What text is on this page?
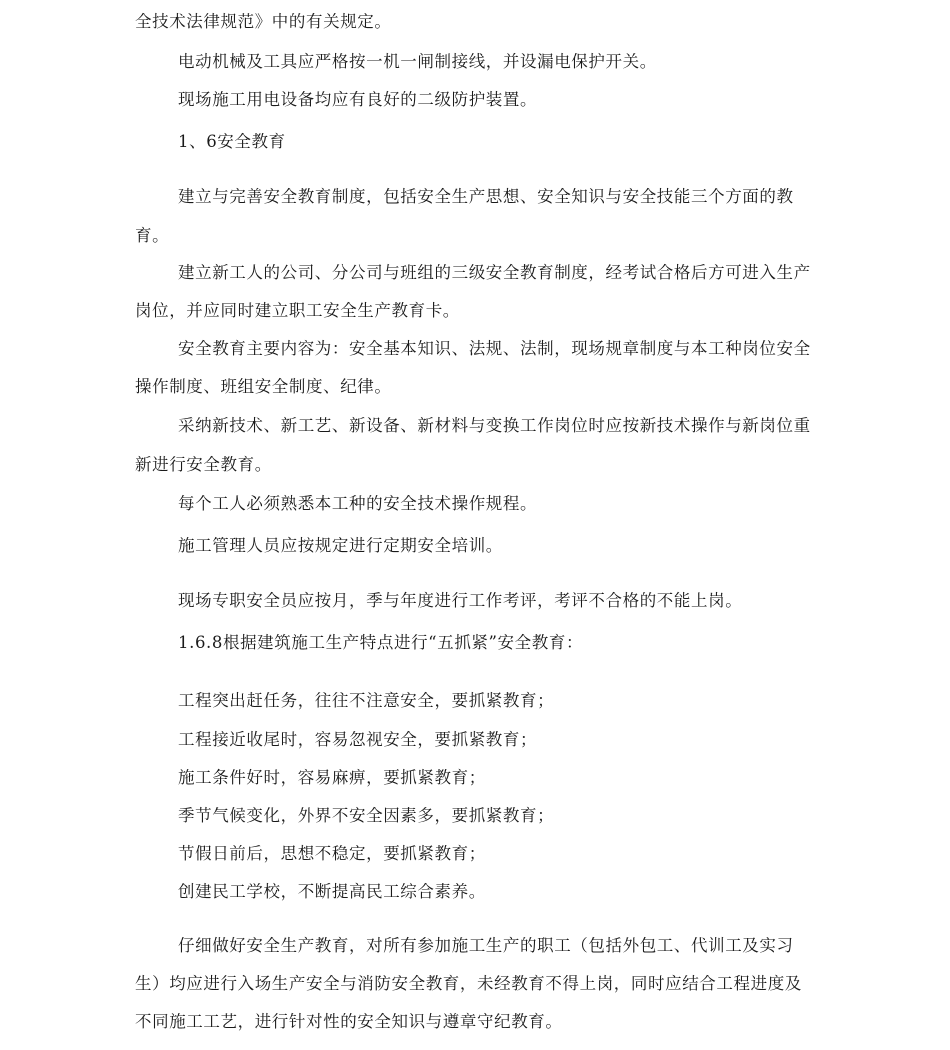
全技术法律规范》中的有关规定。
电动机械及工具应严格按一机一闸制接线，并设漏电保护开关。
现场施工用电设备均应有良好的二级防护装置。
1、6安全教育
建立与完善安全教育制度，包括安全生产思想、安全知识与安全技能三个方面的教
育。
建立新工人的公司、分公司与班组的三级安全教育制度，经考试合格后方可进入生产
岗位，并应同时建立职工安全生产教育卡。
安全教育主要内容为：安全基本知识、法规、法制，现场规章制度与本工种岗位安全
操作制度、班组安全制度、纪律。
采纳新技术、新工艺、新设备、新材料与变换工作岗位时应按新技术操作与新岗位重
新进行安全教育。
每个工人必须熟悉本工种的安全技术操作规程。
施工管理人员应按规定进行定期安全培训。
现场专职安全员应按月，季与年度进行工作考评，考评不合格的不能上岗。
1.6.8根据建筑施工生产特点进行“五抓紧”安全教育：
工程突出赶任务，往往不注意安全，要抓紧教育；
工程接近收尾时，容易忽视安全，要抓紧教育；
施工条件好时，容易麻痹，要抓紧教育；
季节气候变化，外界不安全因素多，要抓紧教育；
节假日前后，思想不稳定，要抓紧教育；
创建民工学校，不断提高民工综合素养。
仔细做好安全生产教育，对所有参加施工生产的职工（包括外包工、代训工及实习
生）均应进行入场生产安全与消防安全教育，未经教育不得上岗，同时应结合工程进度及
不同施工工艺，进行针对性的安全知识与遵章守纪教育。
